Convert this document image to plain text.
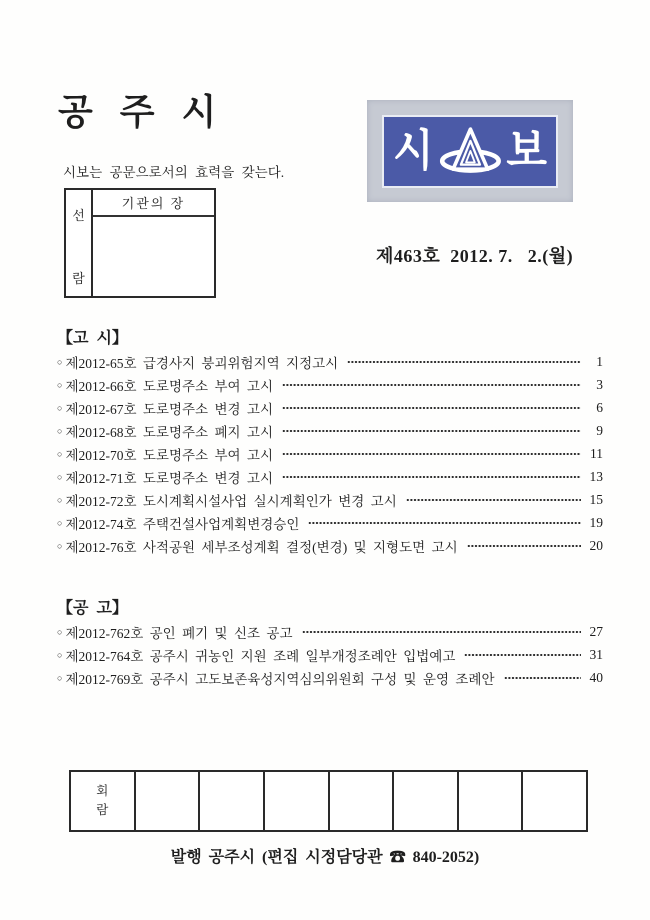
공 주 시
시보는 공문으로서의 효력을 갖는다.
선
람
기관의 장
시 보
제463호  2012. 7.   2.(월)
【고  시】
○ 제2012-65호 급경사지 붕괴위험지역 지정고시	1
○ 제2012-66호 도로명주소 부여 고시	3
○ 제2012-67호 도로명주소 변경 고시	6
○ 제2012-68호 도로명주소 폐지 고시	9
○ 제2012-70호 도로명주소 부여 고시	11
○ 제2012-71호 도로명주소 변경 고시	13
○ 제2012-72호 도시계획시설사업 실시계획인가 변경 고시	15
○ 제2012-74호 주택건설사업계획변경승인	19
○ 제2012-76호 사적공원 세부조성계획 결정(변경) 및 지형도면 고시	20
【공  고】
○ 제2012-762호 공인 폐기 및 신조 공고	27
○ 제2012-764호 공주시 귀농인 지원 조례 일부개정조례안 입법예고	31
○ 제2012-769호 공주시 고도보존육성지역심의위원회 구성 및 운영 조례안	40
회
람
발행 공주시 (편집 시정담당관 ☎ 840-2052)
